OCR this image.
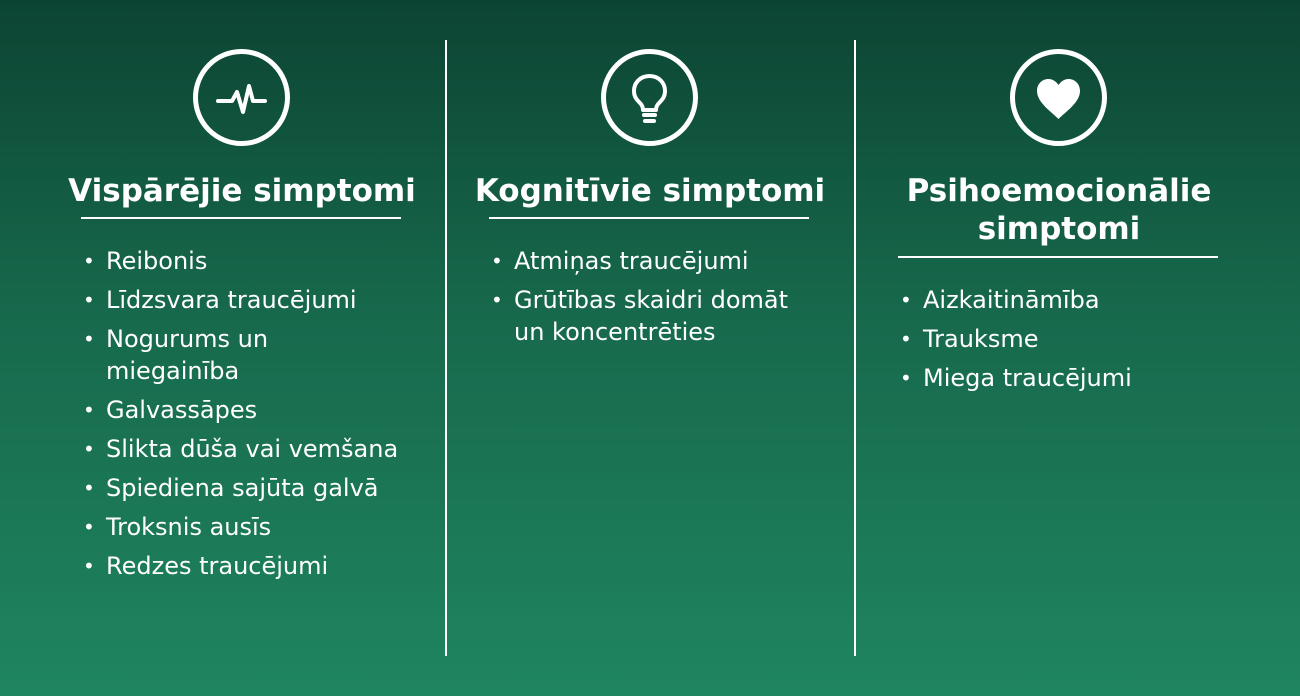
Vispārējie simptomi
• Reibonis
• Līdzsvara traucējumi
• Nogurums un miegainība
• Galvassāpes
• Slikta dūša vai vemšana
• Spiediena sajūta galvā
• Troksnis ausīs
• Redzes traucējumi
Kognitīvie simptomi
• Atmiņas traucējumi
• Grūtības skaidri domāt un koncentrēties
Psihoemocionālie
simptomi
• Aizkaitināmība
• Trauksme
• Miega traucējumi
